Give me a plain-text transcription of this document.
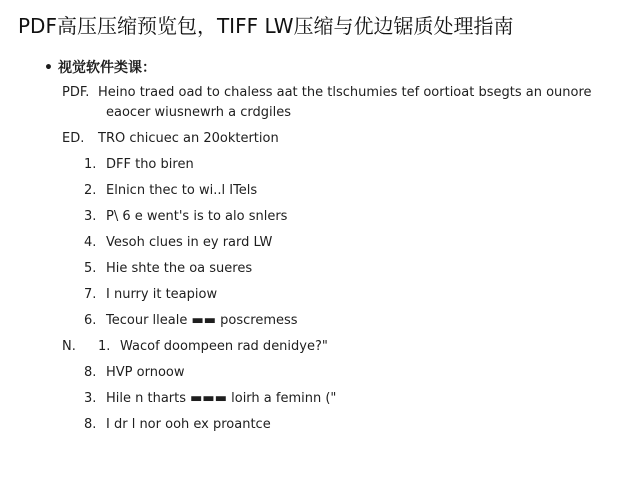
PDF高压压缩预览包，TIFF LW压缩与优边锯质处理指南
• 视觉软件类课：
PDF. Heino traed oad to chaless aat the tlschumies tef oortioat bsegts an ounore
eaocer wiusnewrh a crdgiles
ED. TRO chicuec an 20oktertion
1. DFF tho biren
2. Elnicn thec to wi..l ITels
3. P\ 6 e went's is to alo snlers
4. Vesoh clues in ey rard LW
5. Hie shte the oa sueres
7. I nurry it teapiow
6. Tecour lleale ▬▬ poscremess
N. 1. Wacof doompeen rad denidye?"
8. HVP ornoow
3. Hile n tharts ▬▬▬ loirh a feminn ("
8. I dr l nor ooh ex proantce
